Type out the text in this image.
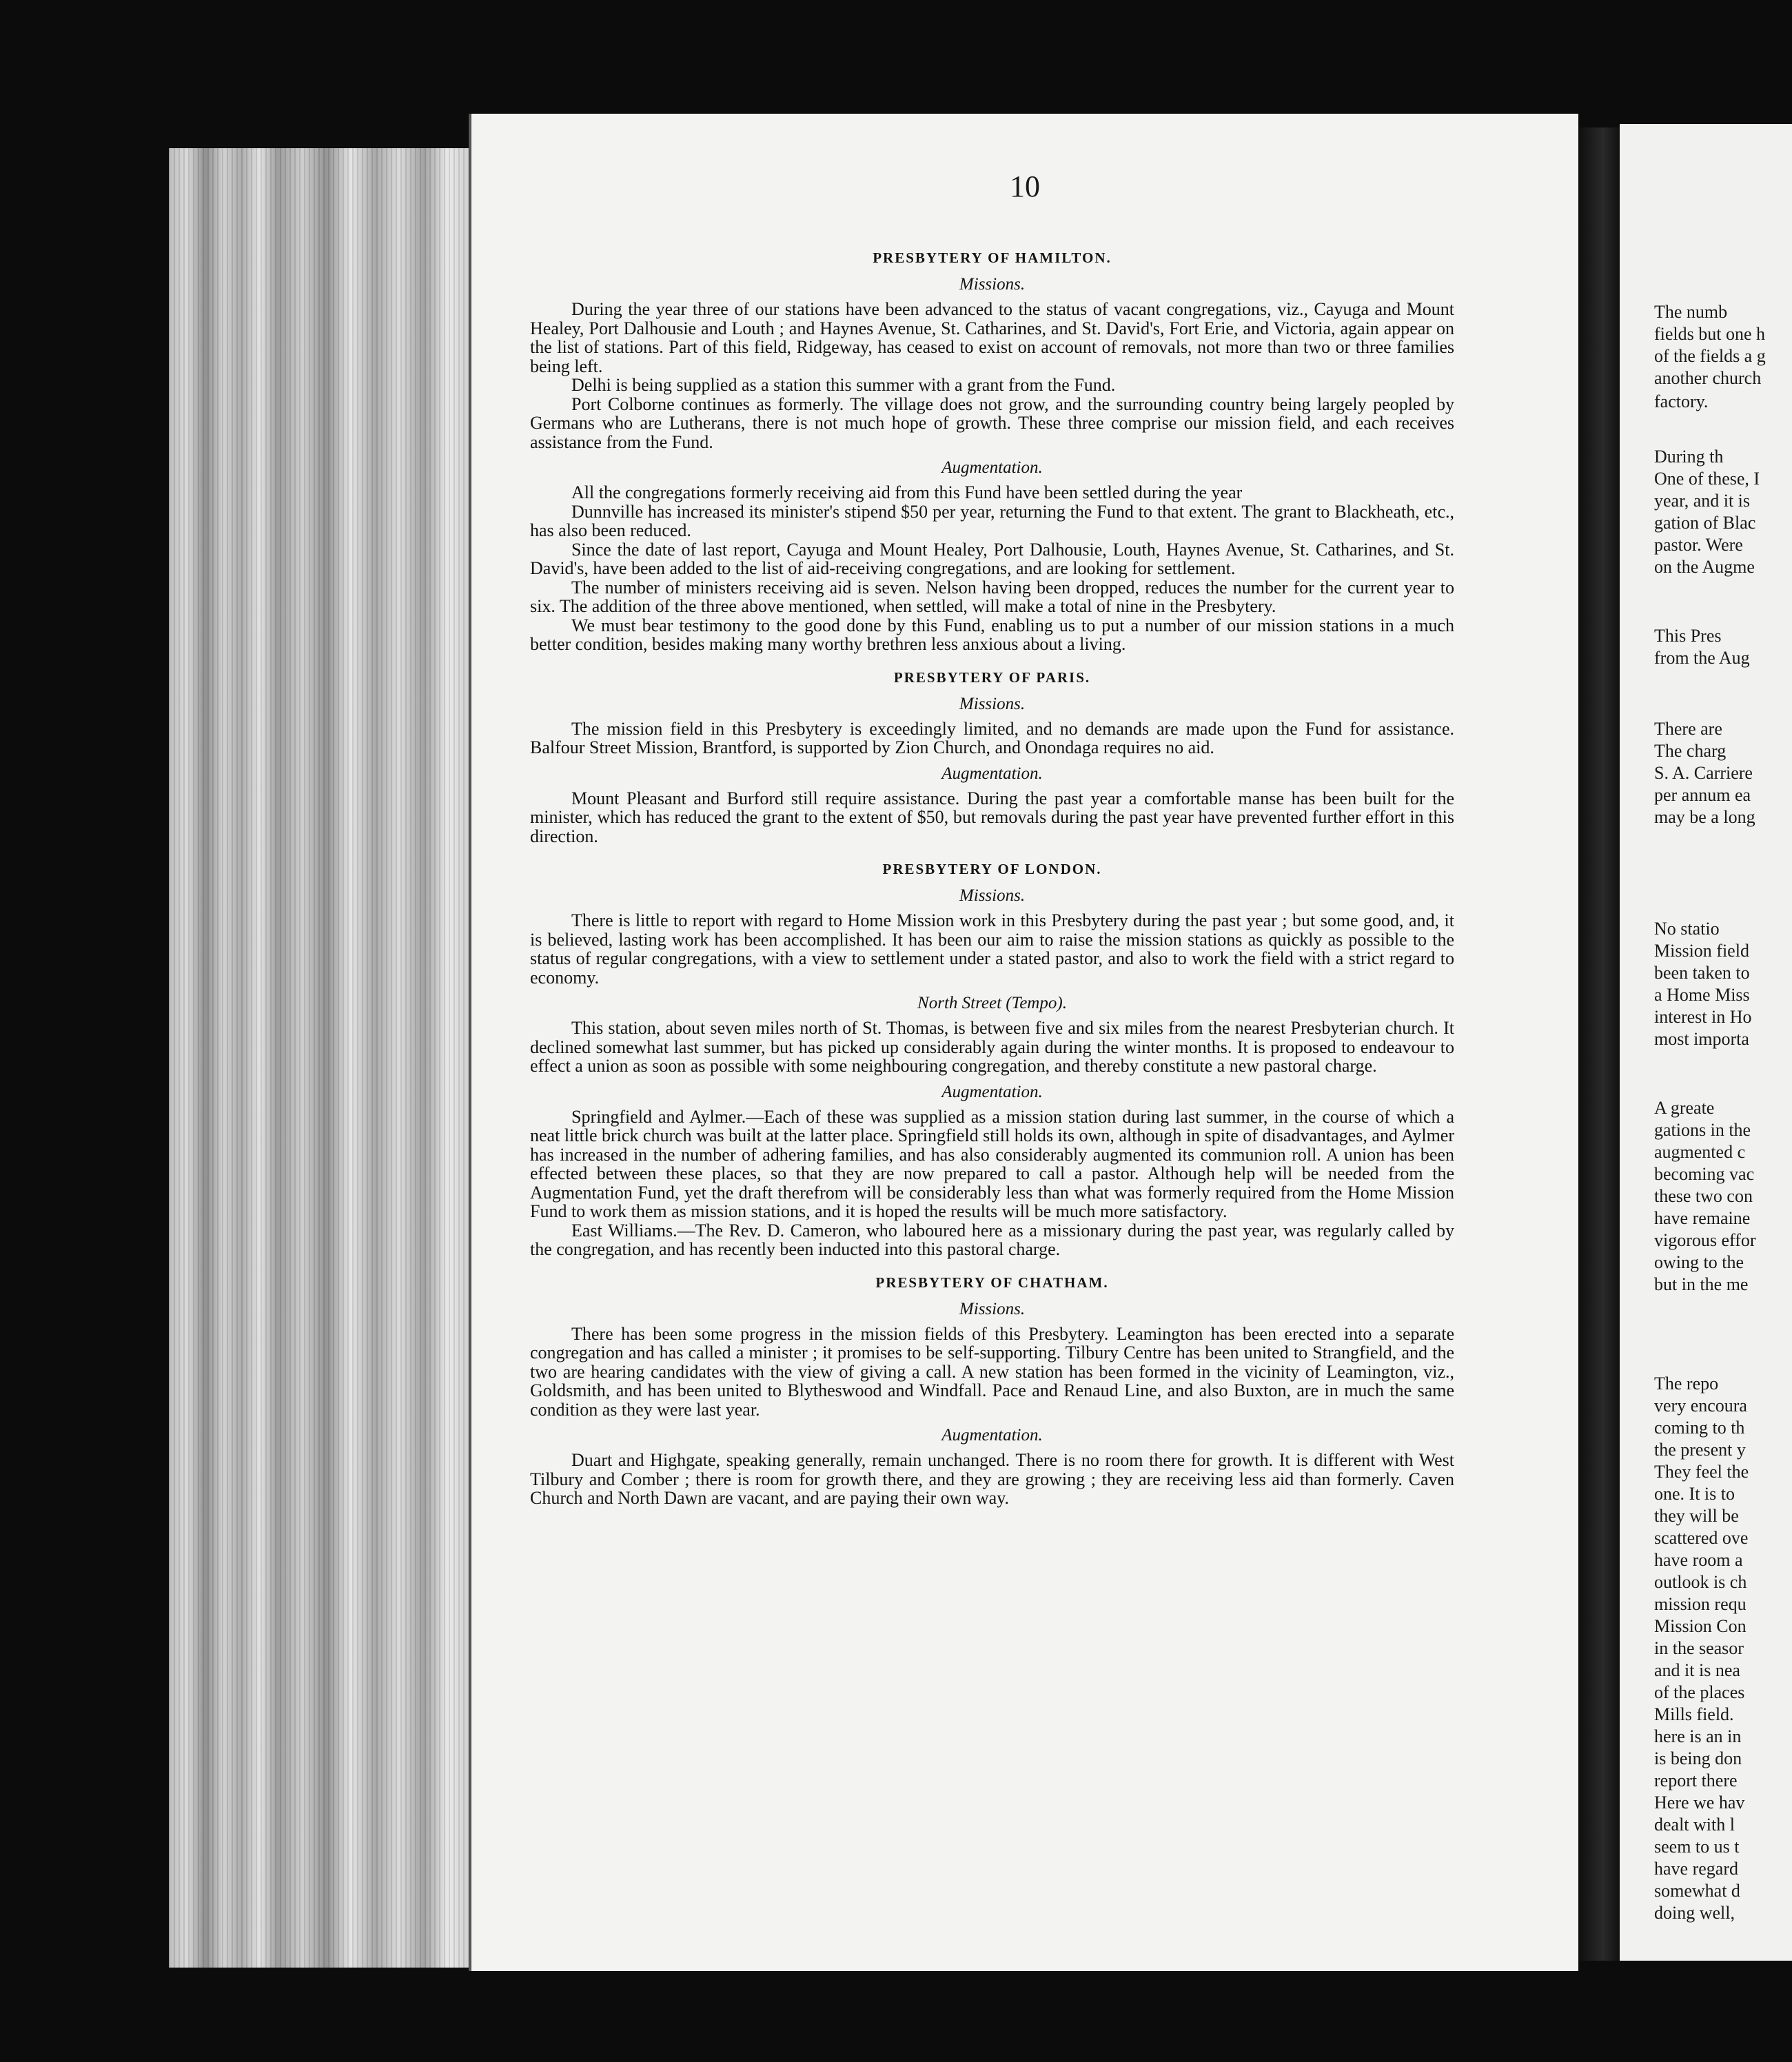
10
PRESBYTERY OF HAMILTON.
Missions.

During the year three of our stations have been advanced to the status of vacant congregations, viz., Cayuga and Mount Healey, Port Dalhousie and Louth ; and Haynes Avenue, St. Catharines, and St. David's, Fort Erie, and Victoria, again appear on the list of stations. Part of this field, Ridgeway, has ceased to exist on account of removals, not more than two or three families being left.

Delhi is being supplied as a station this summer with a grant from the Fund.

Port Colborne continues as formerly. The village does not grow, and the surrounding country being largely peopled by Germans who are Lutherans, there is not much hope of growth. These three comprise our mission field, and each receives assistance from the Fund.

Augmentation.

All the congregations formerly receiving aid from this Fund have been settled during the year

Dunnville has increased its minister's stipend $50 per year, returning the Fund to that extent. The grant to Blackheath, etc., has also been reduced.

Since the date of last report, Cayuga and Mount Healey, Port Dalhousie, Louth, Haynes Avenue, St. Catharines, and St. David's, have been added to the list of aid-receiving congregations, and are looking for settlement.

The number of ministers receiving aid is seven. Nelson having been dropped, reduces the number for the current year to six. The addition of the three above mentioned, when settled, will make a total of nine in the Presbytery.

We must bear testimony to the good done by this Fund, enabling us to put a number of our mission stations in a much better condition, besides making many worthy brethren less anxious about a living.

PRESBYTERY OF PARIS.
Missions.

The mission field in this Presbytery is exceedingly limited, and no demands are made upon the Fund for assistance. Balfour Street Mission, Brantford, is supported by Zion Church, and Onondaga requires no aid.

Augmentation.

Mount Pleasant and Burford still require assistance. During the past year a comfortable manse has been built for the minister, which has reduced the grant to the extent of $50, but removals during the past year have prevented further effort in this direction.

PRESBYTERY OF LONDON.
Missions.

There is little to report with regard to Home Mission work in this Presbytery during the past year ; but some good, and, it is believed, lasting work has been accomplished. It has been our aim to raise the mission stations as quickly as possible to the status of regular congregations, with a view to settlement under a stated pastor, and also to work the field with a strict regard to economy.

North Street (Tempo).

This station, about seven miles north of St. Thomas, is between five and six miles from the nearest Presbyterian church. It declined somewhat last summer, but has picked up considerably again during the winter months. It is proposed to endeavour to effect a union as soon as possible with some neighbouring congregation, and thereby constitute a new pastoral charge.

Augmentation.

Springfield and Aylmer.—Each of these was supplied as a mission station during last summer, in the course of which a neat little brick church was built at the latter place. Springfield still holds its own, although in spite of disadvantages, and Aylmer has increased in the number of adhering families, and has also considerably augmented its communion roll. A union has been effected between these places, so that they are now prepared to call a pastor. Although help will be needed from the Augmentation Fund, yet the draft therefrom will be considerably less than what was formerly required from the Home Mission Fund to work them as mission stations, and it is hoped the results will be much more satisfactory.

East Williams.—The Rev. D. Cameron, who laboured here as a missionary during the past year, was regularly called by the congregation, and has recently been inducted into this pastoral charge.

PRESBYTERY OF CHATHAM.
Missions.

There has been some progress in the mission fields of this Presbytery. Leamington has been erected into a separate congregation and has called a minister ; it promises to be self-supporting. Tilbury Centre has been united to Strangfield, and the two are hearing candidates with the view of giving a call. A new station has been formed in the vicinity of Leamington, viz., Goldsmith, and has been united to Blytheswood and Windfall. Pace and Renaud Line, and also Buxton, are in much the same condition as they were last year.

Augmentation.

Duart and Highgate, speaking generally, remain unchanged. There is no room there for growth. It is different with West Tilbury and Comber ; there is room for growth there, and they are growing ; they are receiving less aid than formerly. Caven Church and North Dawn are vacant, and are paying their own way.

The numb
fields but one h
of the fields a g
another church
factory.
During th
One of these, I
year, and it is
gation of Blac
pastor. Were
on the Augme
This Pres
from the Aug
There are
The charg
S. A. Carriere
per annum ea
may be a long
No statio
Mission field
been taken to
a Home Miss
interest in Ho
most importa
A greate
gations in the
augmented c
becoming vac
these two con
have remaine
vigorous effor
owing to the
but in the me
The repo
very encoura
coming to th
the present y
They feel the
one. It is to
they will be
scattered ove
have room a
outlook is ch
mission requ
Mission Con
in the seasor
and it is nea
of the places
Mills field.
here is an in
is being don
report there
Here we hav
dealt with l
seem to us t
have regard
somewhat d
doing well,
